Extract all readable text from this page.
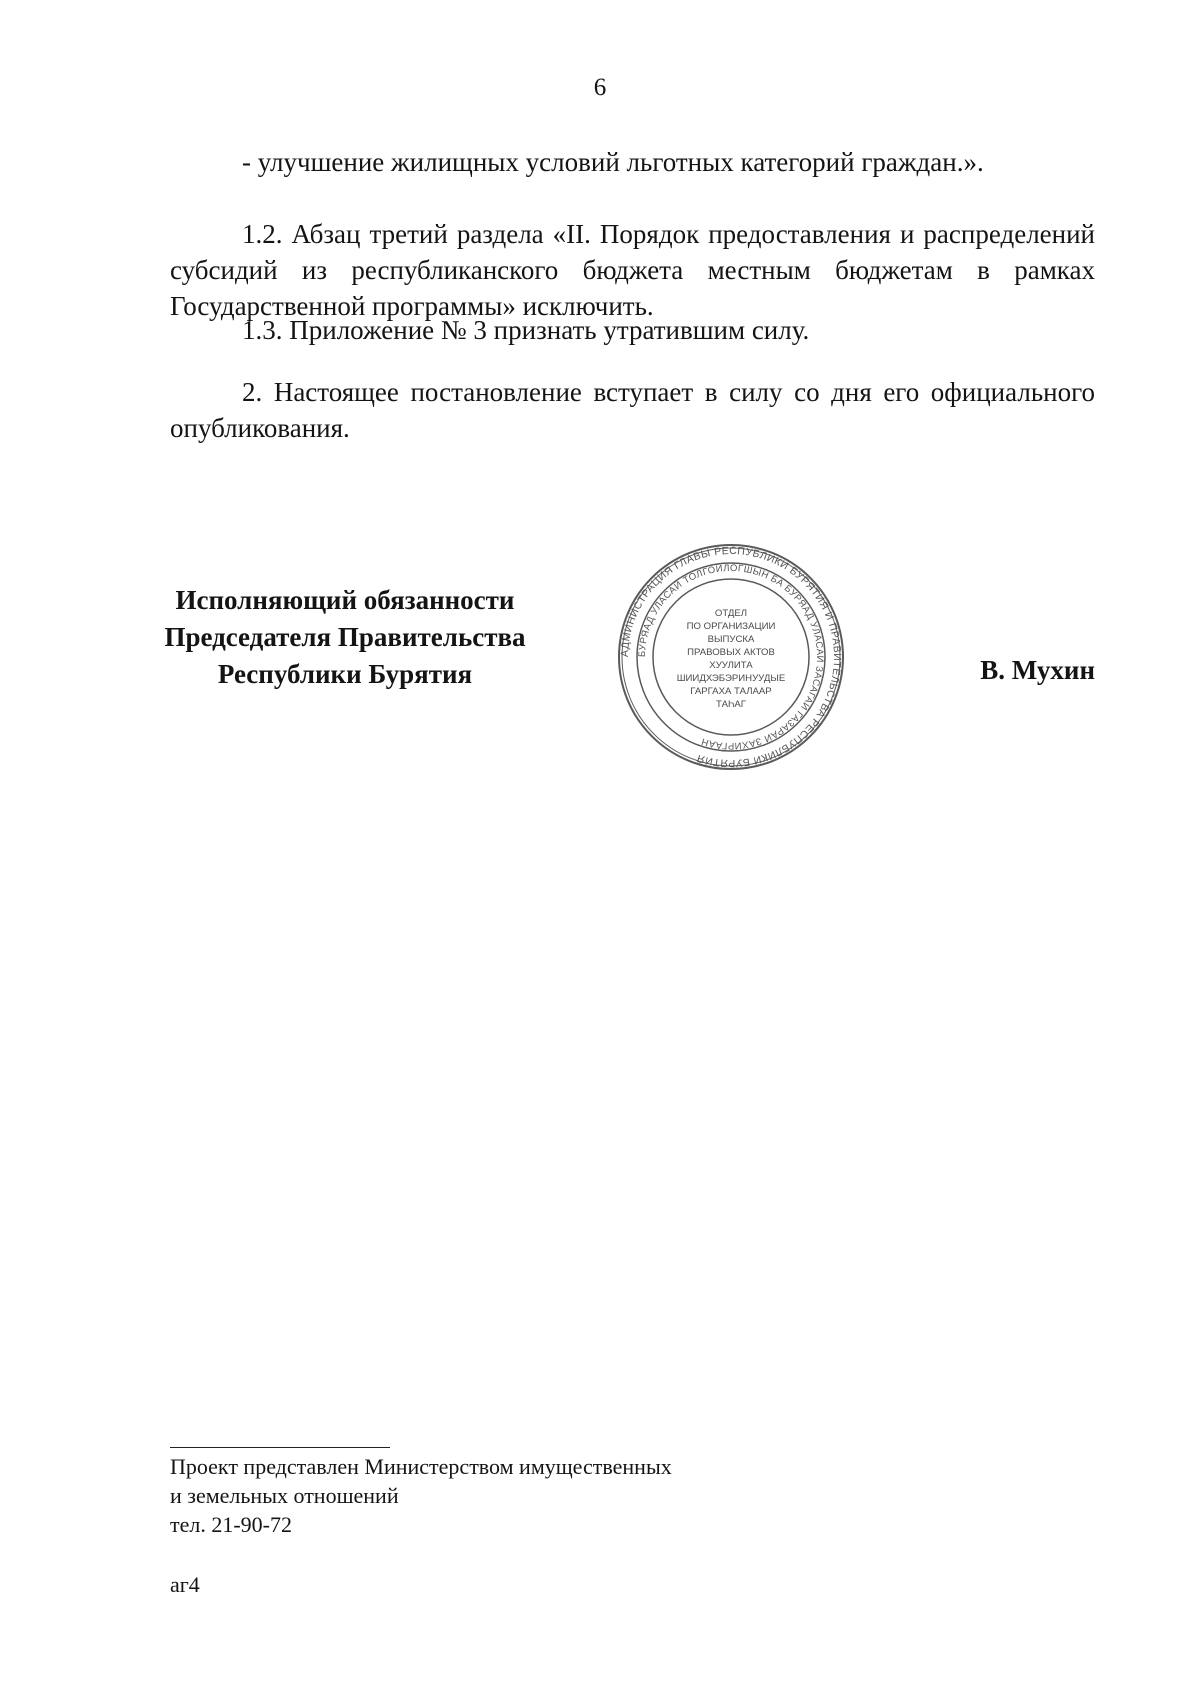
6

- улучшение жилищных условий льготных категорий граждан.».

1.2. Абзац третий раздела «II. Порядок предоставления и распределений субсидий из республиканского бюджета местным бюджетам в рамках Государственной программы» исключить.

1.3. Приложение № 3 признать утратившим силу.

2. Настоящее постановление вступает в силу со дня его официального опубликования.

Исполняющий обязанности
Председателя Правительства
Республики Бурятия
АДМИНИСТРАЦИЯ ГЛАВЫ РЕСПУБЛИКИ БУРЯТИЯ И ПРАВИТЕЛЬСТВА РЕСПУБЛИКИ БУРЯТИЯ
БУРЯАД УЛАСАЙ ТОЛГОЙЛОГШЫН БА БУРЯАД УЛАСАЙ ЗАСАГАЙ ГАЗАРАЙ ЗАХИРГААН
ОТДЕЛ
ПО ОРГАНИЗАЦИИ
ВЫПУСКА
ПРАВОВЫХ АКТОВ
ХУУЛИТА
ШИИДХЭБЭРИНУУДЫЕ
ГАРГАХА ТАЛААР
ТАҺАГ
В. Мухин
Проект представлен Министерством имущественных
и земельных отношений
тел. 21-90-72
аг4
